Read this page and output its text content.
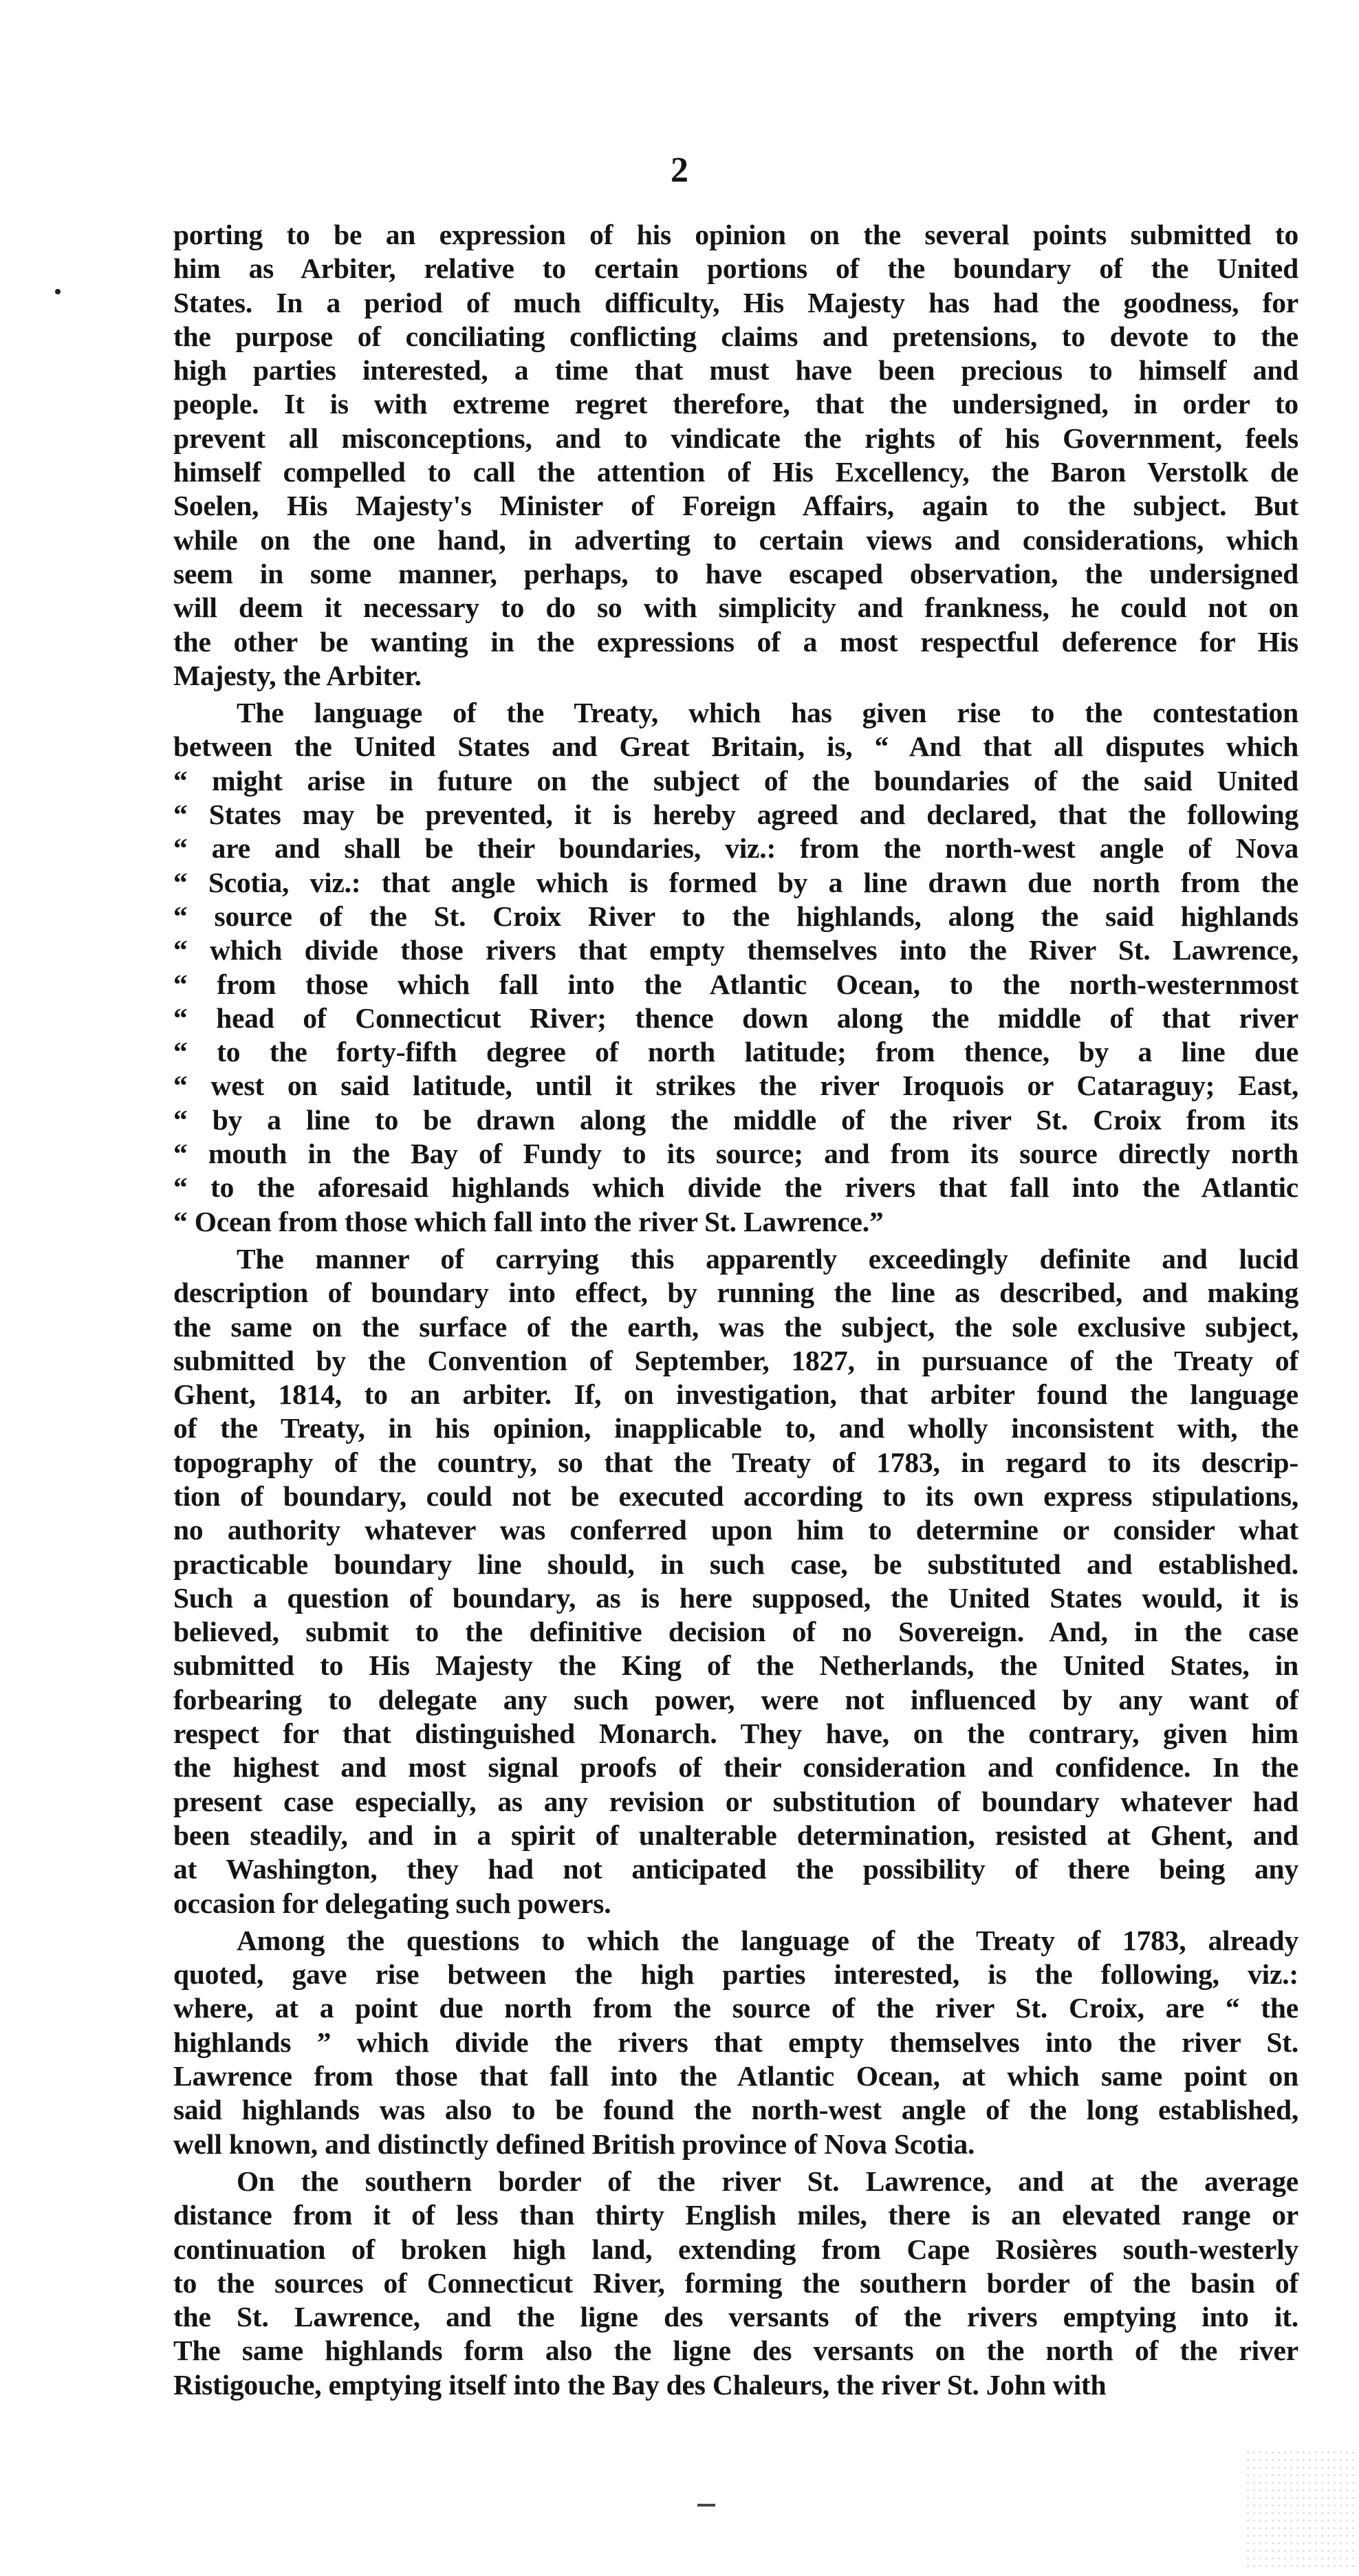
2
porting to be an expression of his opinion on the several points submitted to
him as Arbiter, relative to certain portions of the boundary of the United
States. In a period of much difficulty, His Majesty has had the goodness, for
the purpose of conciliating conflicting claims and pretensions, to devote to the
high parties interested, a time that must have been precious to himself and
people. It is with extreme regret therefore, that the undersigned, in order to
prevent all misconceptions, and to vindicate the rights of his Government, feels
himself compelled to call the attention of His Excellency, the Baron Verstolk de
Soelen, His Majesty's Minister of Foreign Affairs, again to the subject. But
while on the one hand, in adverting to certain views and considerations, which
seem in some manner, perhaps, to have escaped observation, the undersigned
will deem it necessary to do so with simplicity and frankness, he could not on
the other be wanting in the expressions of a most respectful deference for His
Majesty, the Arbiter.
The language of the Treaty, which has given rise to the contestation
between the United States and Great Britain, is, “ And that all disputes which
“ might arise in future on the subject of the boundaries of the said United
“ States may be prevented, it is hereby agreed and declared, that the following
“ are and shall be their boundaries, viz.: from the north-west angle of Nova
“ Scotia, viz.: that angle which is formed by a line drawn due north from the
“ source of the St. Croix River to the highlands, along the said highlands
“ which divide those rivers that empty themselves into the River St. Lawrence,
“ from those which fall into the Atlantic Ocean, to the north-westernmost
“ head of Connecticut River; thence down along the middle of that river
“ to the forty-fifth degree of north latitude; from thence, by a line due
“ west on said latitude, until it strikes the river Iroquois or Cataraguy; East,
“ by a line to be drawn along the middle of the river St. Croix from its
“ mouth in the Bay of Fundy to its source; and from its source directly north
“ to the aforesaid highlands which divide the rivers that fall into the Atlantic
“ Ocean from those which fall into the river St. Lawrence.”
The manner of carrying this apparently exceedingly definite and lucid
description of boundary into effect, by running the line as described, and making
the same on the surface of the earth, was the subject, the sole exclusive subject,
submitted by the Convention of September, 1827, in pursuance of the Treaty of
Ghent, 1814, to an arbiter. If, on investigation, that arbiter found the language
of the Treaty, in his opinion, inapplicable to, and wholly inconsistent with, the
topography of the country, so that the Treaty of 1783, in regard to its descrip-
tion of boundary, could not be executed according to its own express stipulations,
no authority whatever was conferred upon him to determine or consider what
practicable boundary line should, in such case, be substituted and established.
Such a question of boundary, as is here supposed, the United States would, it is
believed, submit to the definitive decision of no Sovereign. And, in the case
submitted to His Majesty the King of the Netherlands, the United States, in
forbearing to delegate any such power, were not influenced by any want of
respect for that distinguished Monarch. They have, on the contrary, given him
the highest and most signal proofs of their consideration and confidence. In the
present case especially, as any revision or substitution of boundary whatever had
been steadily, and in a spirit of unalterable determination, resisted at Ghent, and
at Washington, they had not anticipated the possibility of there being any
occasion for delegating such powers.
Among the questions to which the language of the Treaty of 1783, already
quoted, gave rise between the high parties interested, is the following, viz.:
where, at a point due north from the source of the river St. Croix, are “ the
highlands ” which divide the rivers that empty themselves into the river St.
Lawrence from those that fall into the Atlantic Ocean, at which same point on
said highlands was also to be found the north-west angle of the long established,
well known, and distinctly defined British province of Nova Scotia.
On the southern border of the river St. Lawrence, and at the average
distance from it of less than thirty English miles, there is an elevated range or
continuation of broken high land, extending from Cape Rosières south-westerly
to the sources of Connecticut River, forming the southern border of the basin of
the St. Lawrence, and the ligne des versants of the rivers emptying into it.
The same highlands form also the ligne des versants on the north of the river
Ristigouche, emptying itself into the Bay des Chaleurs, the river St. John with
